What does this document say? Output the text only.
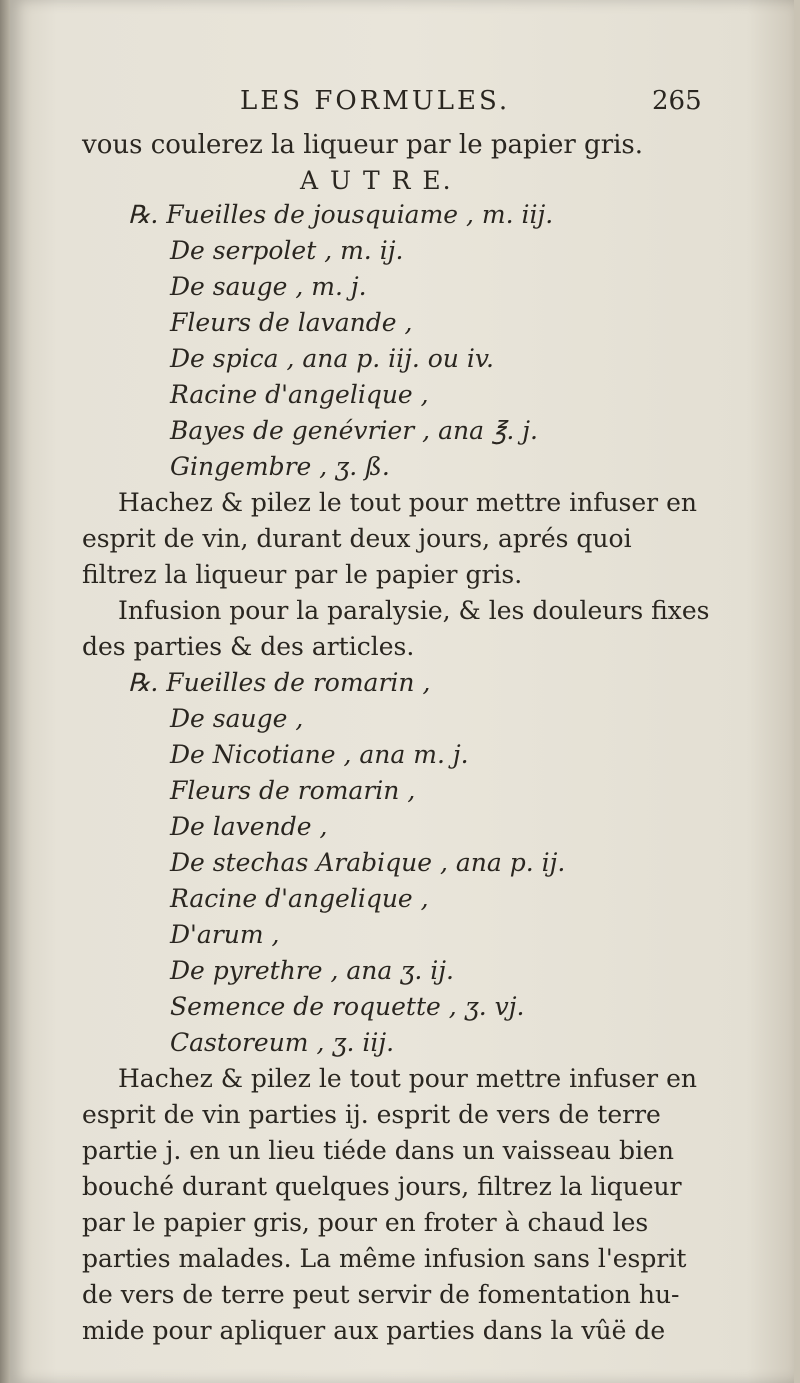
LES FORMULES.	265
vous coulerez la liqueur par le papier gris.
A U T R E.
℞. Fueilles de jousquiame , m. iij.
De serpolet , m. ij.
De sauge , m. j.
Fleurs de lavande ,
De spica , ana p. iij. ou iv.
Racine d'angelique ,
Bayes de genévrier , ana ℥. j.
Gingembre , ʒ. ß.
Hachez & pilez le tout pour mettre infuser en
esprit de vin, durant deux jours, aprés quoi
filtrez la liqueur par le papier gris.
Infusion pour la paralysie, & les douleurs fixes
des parties & des articles.
℞. Fueilles de romarin ,
De sauge ,
De Nicotiane , ana m. j.
Fleurs de romarin ,
De lavende ,
De stechas Arabique , ana p. ij.
Racine d'angelique ,
D'arum ,
De pyrethre , ana ʒ. ij.
Semence de roquette , ʒ. vj.
Castoreum , ʒ. iij.
Hachez & pilez le tout pour mettre infuser en
esprit de vin parties ij. esprit de vers de terre
partie j. en un lieu tiéde dans un vaisseau bien
bouché durant quelques jours, filtrez la liqueur
par le papier gris, pour en froter à chaud les
parties malades. La même infusion sans l'esprit
de vers de terre peut servir de fomentation hu-
mide pour apliquer aux parties dans la vûë de
